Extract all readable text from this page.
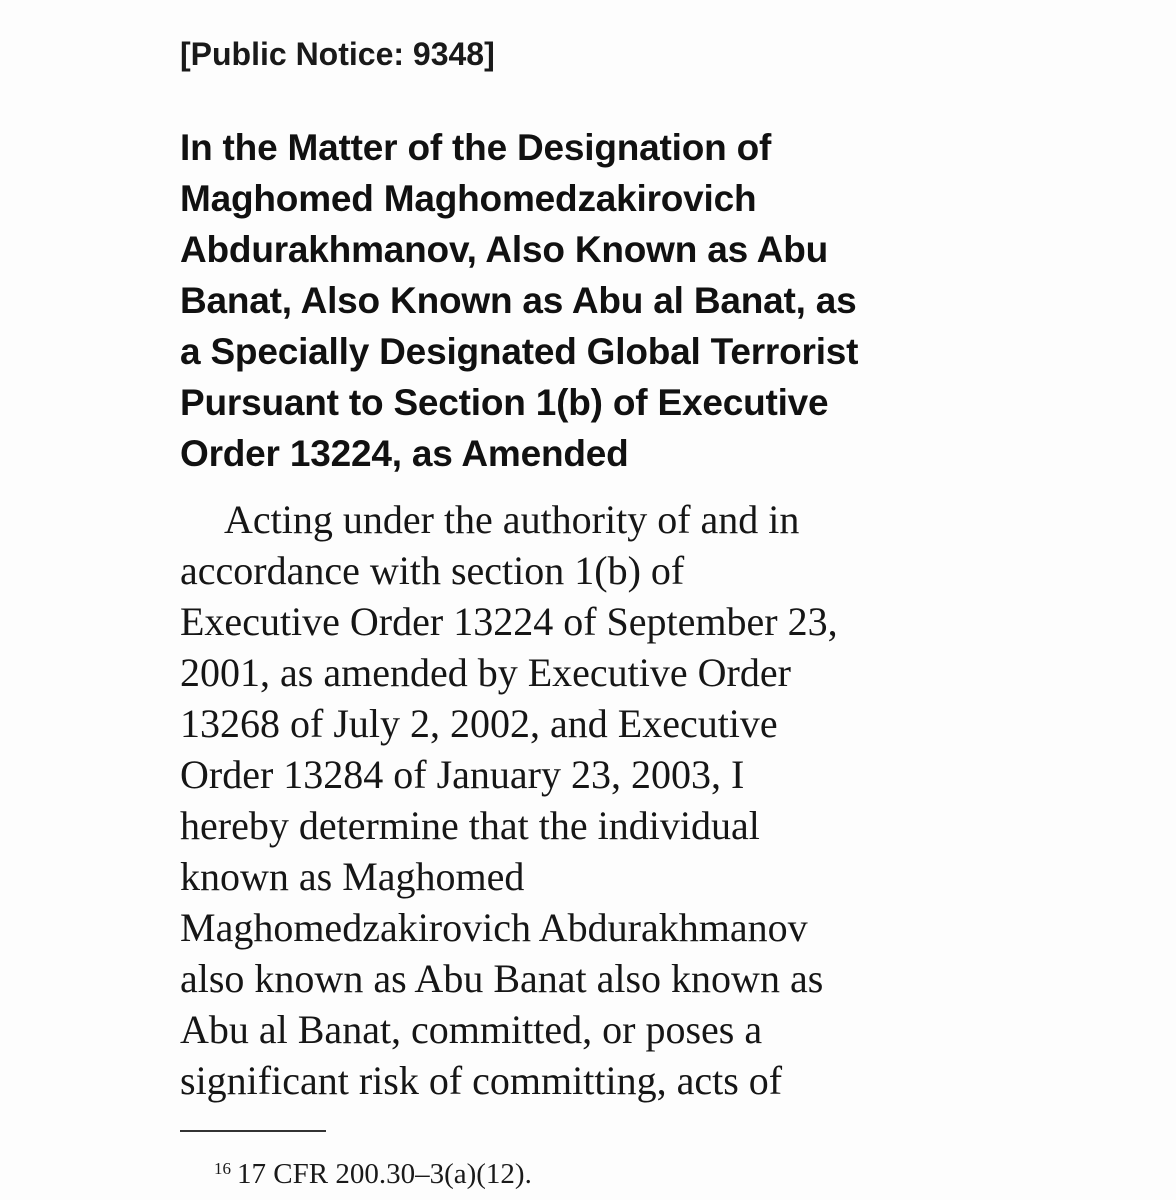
[Public Notice: 9348]
In the Matter of the Designation of
Maghomed Maghomedzakirovich
Abdurakhmanov, Also Known as Abu
Banat, Also Known as Abu al Banat, as
a Specially Designated Global Terrorist
Pursuant to Section 1(b) of Executive
Order 13224, as Amended
Acting under the authority of and in
accordance with section 1(b) of
Executive Order 13224 of September 23,
2001, as amended by Executive Order
13268 of July 2, 2002, and Executive
Order 13284 of January 23, 2003, I
hereby determine that the individual
known as Maghomed
Maghomedzakirovich Abdurakhmanov
also known as Abu Banat also known as
Abu al Banat, committed, or poses a
significant risk of committing, acts of
$^{16}$ 17 CFR 200.30–3(a)(12).
